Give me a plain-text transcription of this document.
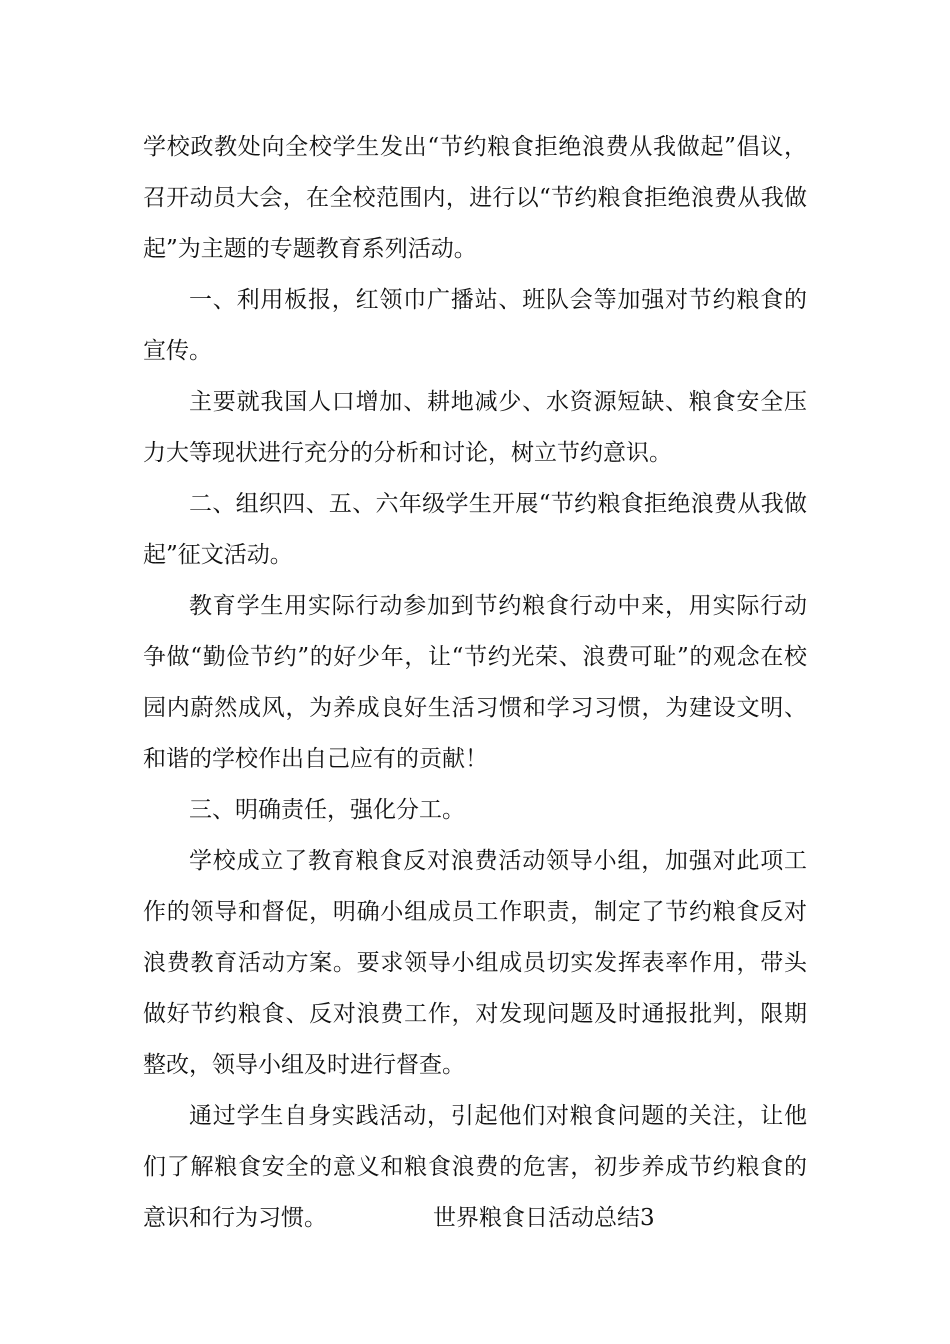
学校政教处向全校学生发出“节约粮食拒绝浪费从我做起”倡议，召开动员大会，在全校范围内，进行以“节约粮食拒绝浪费从我做起”为主题的专题教育系列活动。

一、利用板报，红领巾广播站、班队会等加强对节约粮食的宣传。

主要就我国人口增加、耕地减少、水资源短缺、粮食安全压力大等现状进行充分的分析和讨论，树立节约意识。

二、组织四、五、六年级学生开展“节约粮食拒绝浪费从我做起”征文活动。

教育学生用实际行动参加到节约粮食行动中来，用实际行动争做“勤俭节约”的好少年，让“节约光荣、浪费可耻”的观念在校园内蔚然成风，为养成良好生活习惯和学习习惯，为建设文明、和谐的学校作出自己应有的贡献！

三、明确责任，强化分工。

学校成立了教育粮食反对浪费活动领导小组，加强对此项工作的领导和督促，明确小组成员工作职责，制定了节约粮食反对浪费教育活动方案。要求领导小组成员切实发挥表率作用，带头做好节约粮食、反对浪费工作，对发现问题及时通报批判，限期整改，领导小组及时进行督查。

通过学生自身实践活动，引起他们对粮食问题的关注，让他们了解粮食安全的意义和粮食浪费的危害，初步养成节约粮食的意识和行为习惯。	世界粮食日活动总结3
